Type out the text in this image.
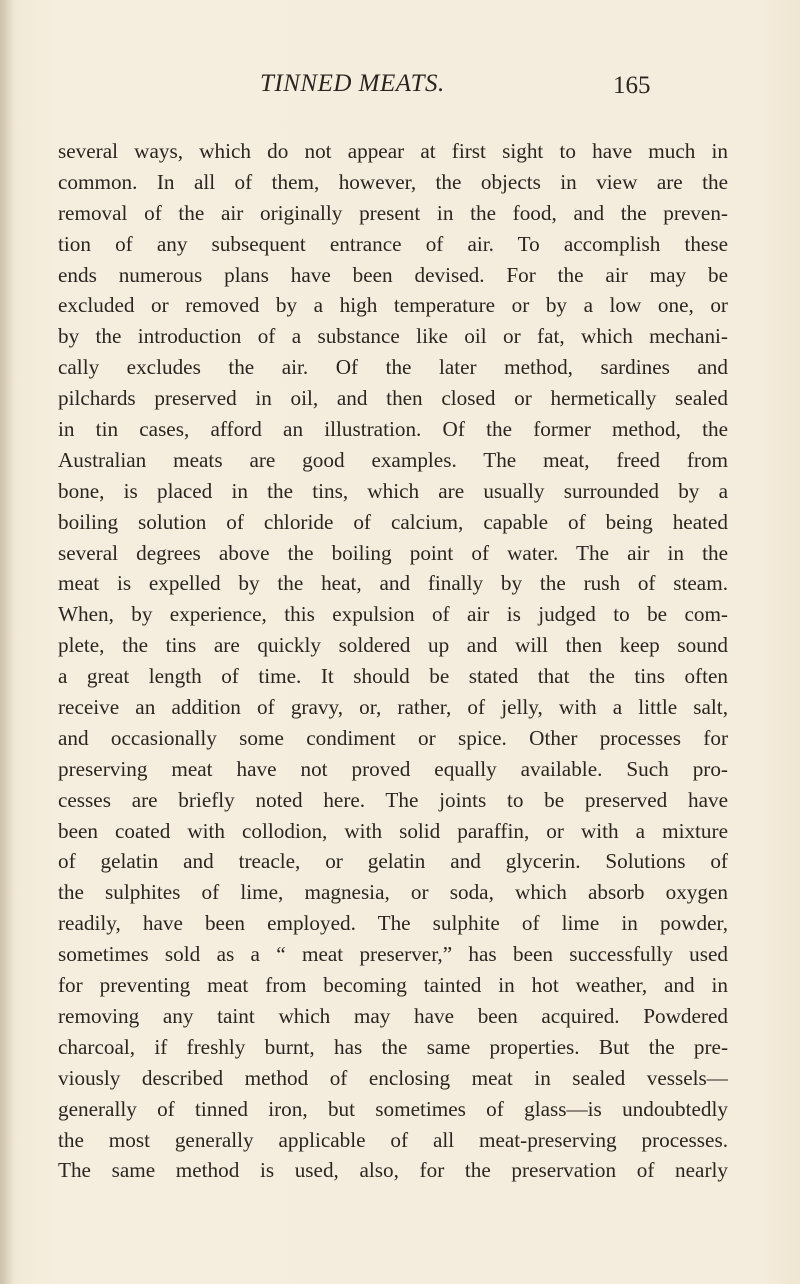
TINNED MEATS.	165
several ways, which do not appear at first sight to have much in
common. In all of them, however, the objects in view are the
removal of the air originally present in the food, and the preven-
tion of any subsequent entrance of air. To accomplish these
ends numerous plans have been devised. For the air may be
excluded or removed by a high temperature or by a low one, or
by the introduction of a substance like oil or fat, which mechani-
cally excludes the air. Of the later method, sardines and
pilchards preserved in oil, and then closed or hermetically sealed
in tin cases, afford an illustration. Of the former method, the
Australian meats are good examples. The meat, freed from
bone, is placed in the tins, which are usually surrounded by a
boiling solution of chloride of calcium, capable of being heated
several degrees above the boiling point of water. The air in the
meat is expelled by the heat, and finally by the rush of steam.
When, by experience, this expulsion of air is judged to be com-
plete, the tins are quickly soldered up and will then keep sound
a great length of time. It should be stated that the tins often
receive an addition of gravy, or, rather, of jelly, with a little salt,
and occasionally some condiment or spice. Other processes for
preserving meat have not proved equally available. Such pro-
cesses are briefly noted here. The joints to be preserved have
been coated with collodion, with solid paraffin, or with a mixture
of gelatin and treacle, or gelatin and glycerin. Solutions of
the sulphites of lime, magnesia, or soda, which absorb oxygen
readily, have been employed. The sulphite of lime in powder,
sometimes sold as a “ meat preserver,” has been successfully used
for preventing meat from becoming tainted in hot weather, and in
removing any taint which may have been acquired. Powdered
charcoal, if freshly burnt, has the same properties. But the pre-
viously described method of enclosing meat in sealed vessels—
generally of tinned iron, but sometimes of glass—is undoubtedly
the most generally applicable of all meat-preserving processes.
The same method is used, also, for the preservation of nearly
